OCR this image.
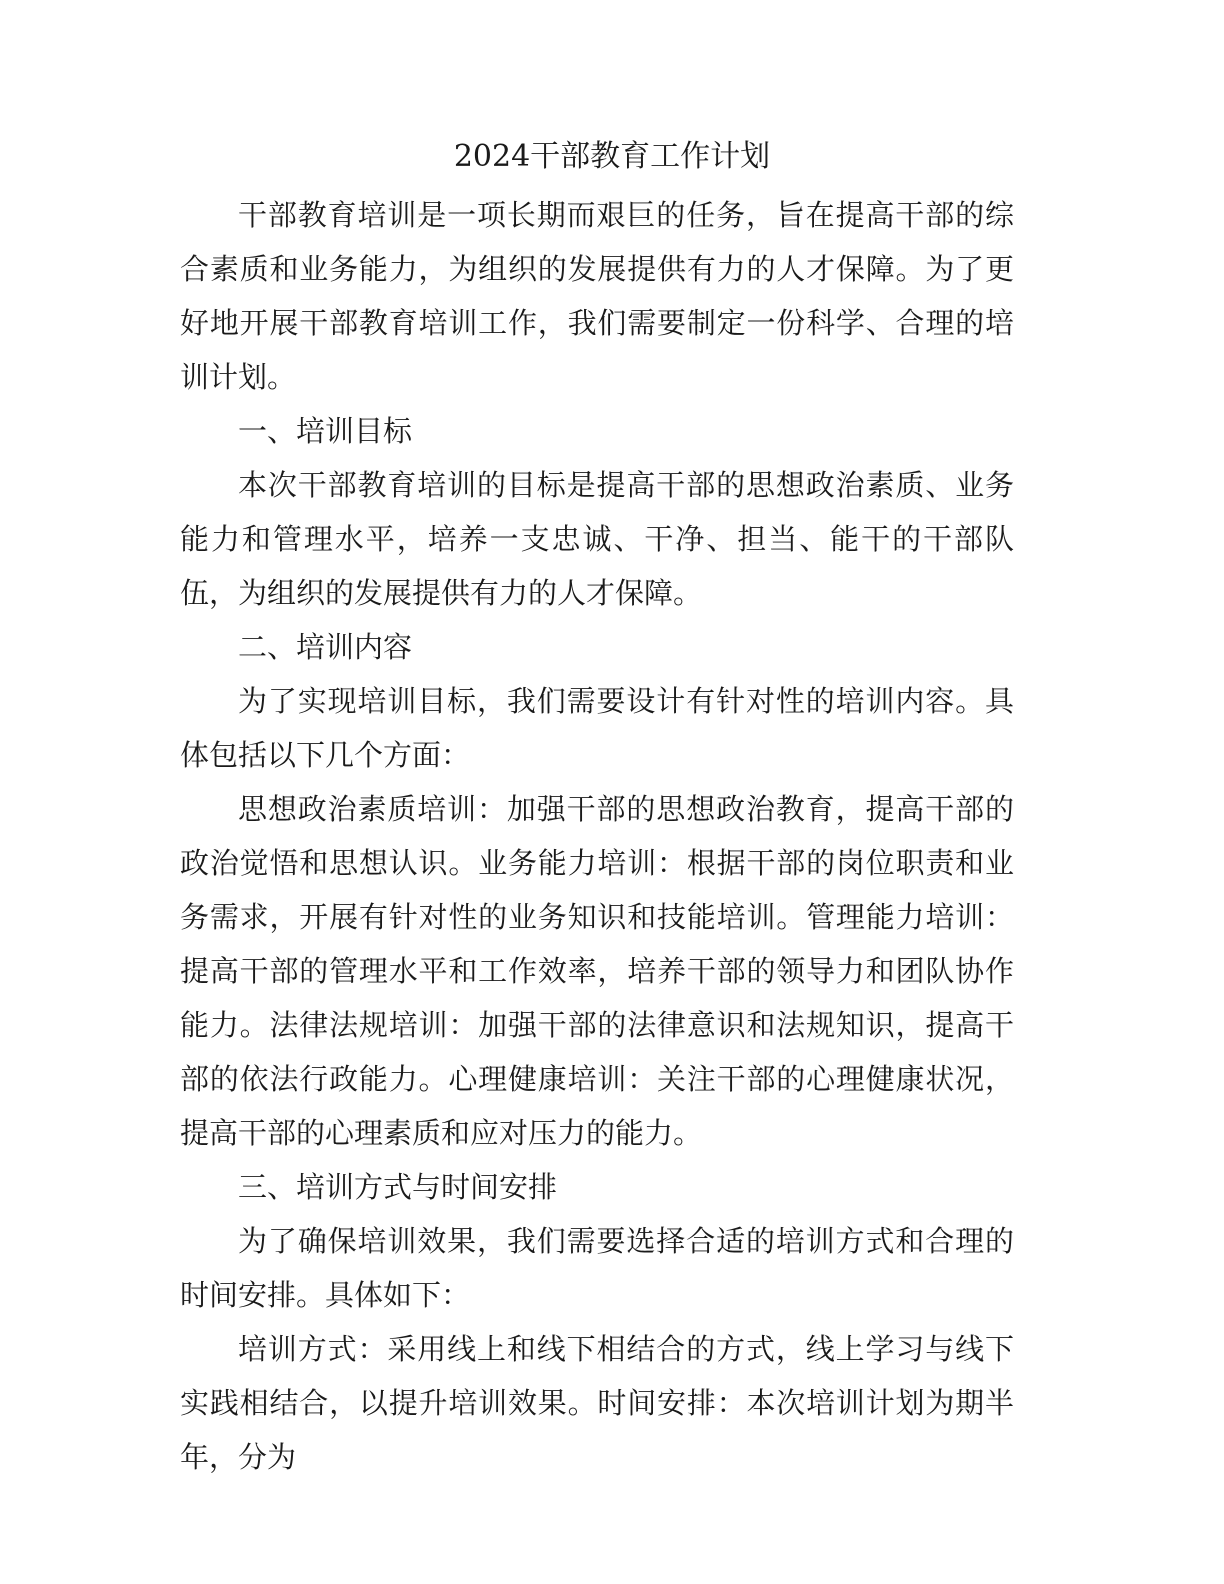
2024干部教育工作计划

干部教育培训是一项长期而艰巨的任务，旨在提高干部的综合素质和业务能力，为组织的发展提供有力的人才保障。为了更好地开展干部教育培训工作，我们需要制定一份科学、合理的培训计划。

一、培训目标

本次干部教育培训的目标是提高干部的思想政治素质、业务能力和管理水平，培养一支忠诚、干净、担当、能干的干部队伍，为组织的发展提供有力的人才保障。

二、培训内容

为了实现培训目标，我们需要设计有针对性的培训内容。具体包括以下几个方面：

思想政治素质培训：加强干部的思想政治教育，提高干部的政治觉悟和思想认识。业务能力培训：根据干部的岗位职责和业务需求，开展有针对性的业务知识和技能培训。管理能力培训：提高干部的管理水平和工作效率，培养干部的领导力和团队协作能力。法律法规培训：加强干部的法律意识和法规知识，提高干部的依法行政能力。心理健康培训：关注干部的心理健康状况，提高干部的心理素质和应对压力的能力。

三、培训方式与时间安排

为了确保培训效果，我们需要选择合适的培训方式和合理的时间安排。具体如下：

培训方式：采用线上和线下相结合的方式，线上学习与线下实践相结合，以提升培训效果。时间安排：本次培训计划为期半年，分为
